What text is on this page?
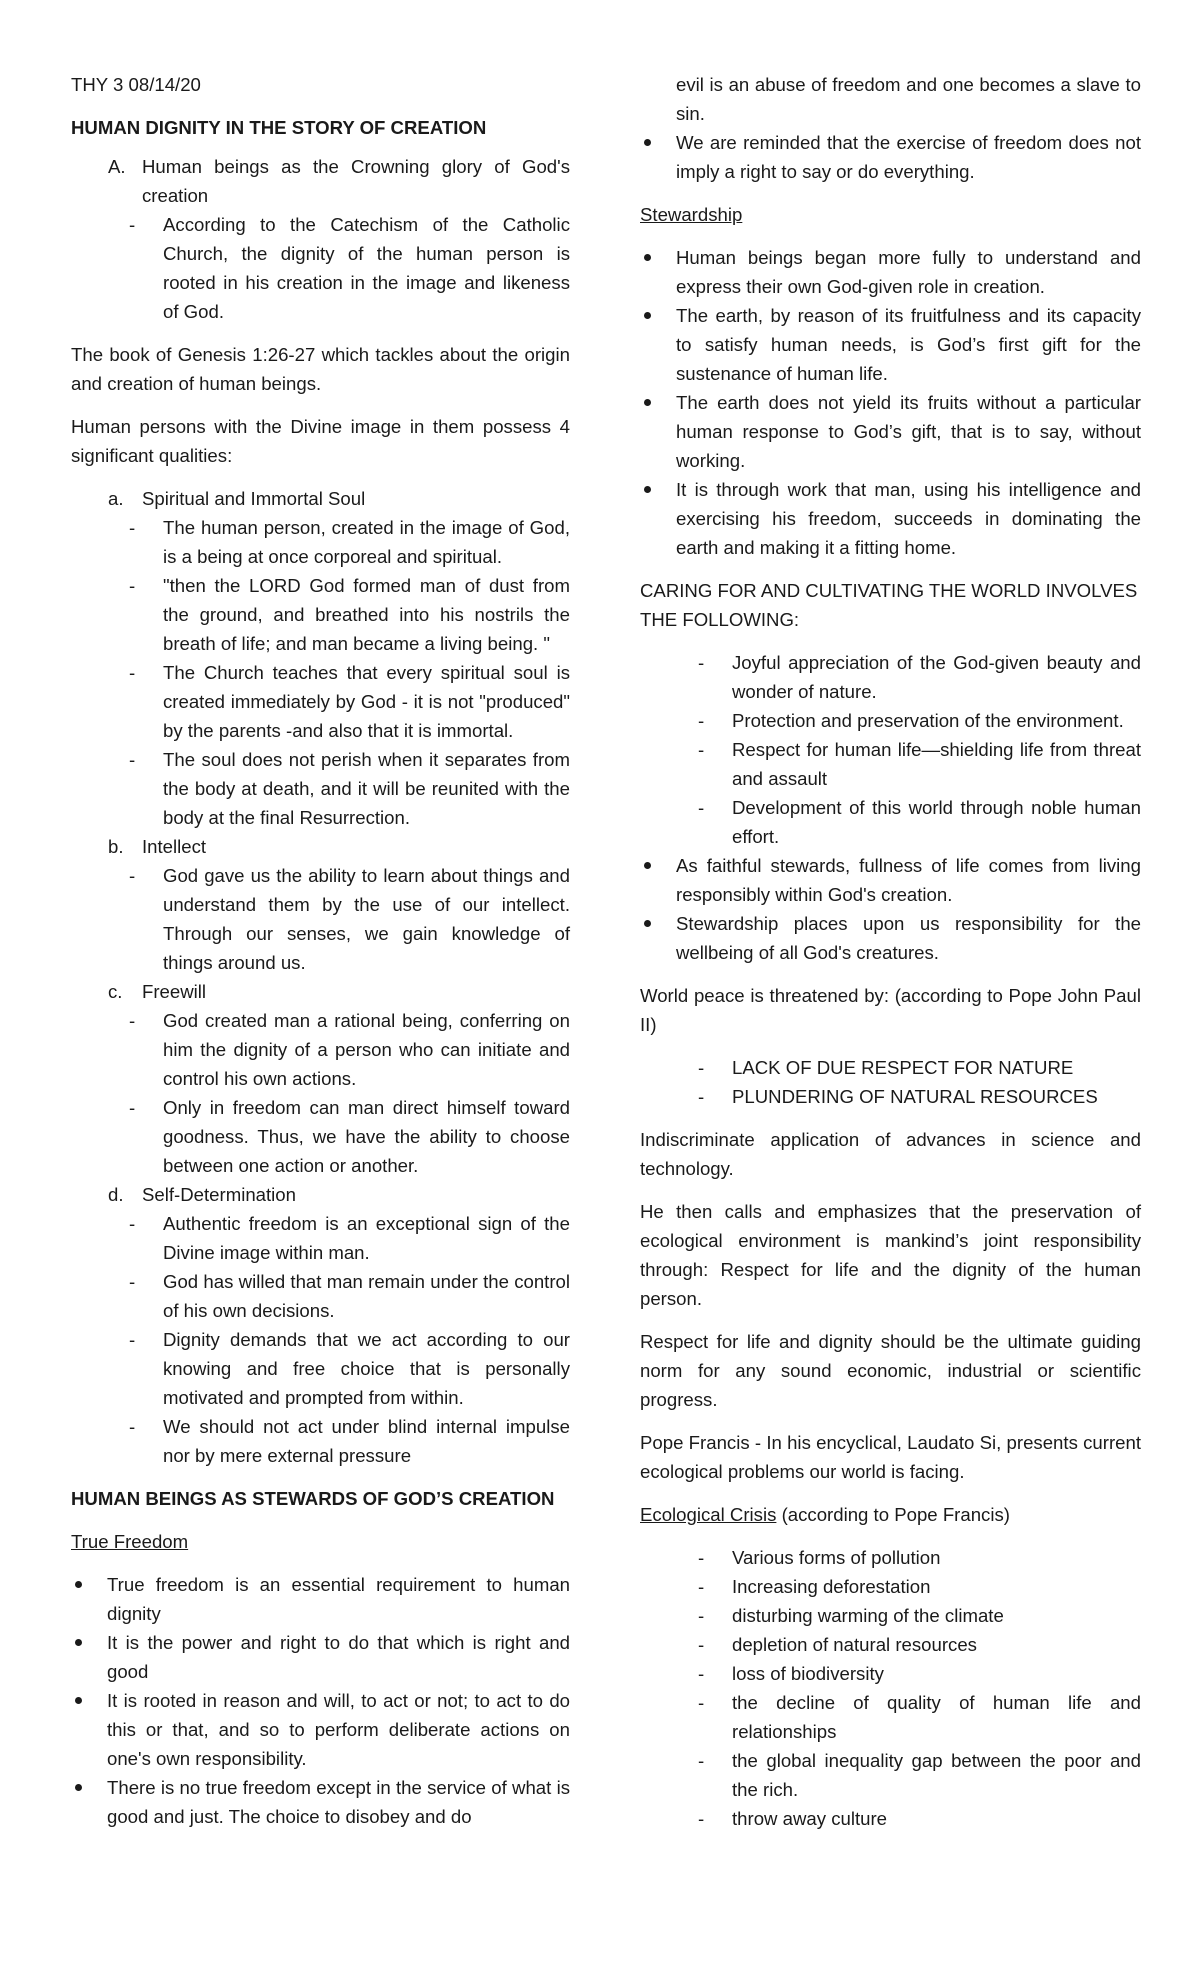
THY 3 08/14/20

HUMAN DIGNITY IN THE STORY OF CREATION

A. Human beings as the Crowning glory of God's creation
- According to the Catechism of the Catholic Church, the dignity of the human person is rooted in his creation in the image and likeness of God.

The book of Genesis 1:26-27 which tackles about the origin and creation of human beings.

Human persons with the Divine image in them possess 4 significant qualities:

a. Spiritual and Immortal Soul
- The human person, created in the image of God, is a being at once corporeal and spiritual.
- "then the LORD God formed man of dust from the ground, and breathed into his nostrils the breath of life; and man became a living being. "
- The Church teaches that every spiritual soul is created immediately by God - it is not "produced" by the parents -and also that it is immortal.
- The soul does not perish when it separates from the body at death, and it will be reunited with the body at the final Resurrection.
b. Intellect
- God gave us the ability to learn about things and understand them by the use of our intellect. Through our senses, we gain knowledge of things around us.
c. Freewill
- God created man a rational being, conferring on him the dignity of a person who can initiate and control his own actions.
- Only in freedom can man direct himself toward goodness. Thus, we have the ability to choose between one action or another.
d. Self-Determination
- Authentic freedom is an exceptional sign of the Divine image within man.
- God has willed that man remain under the control of his own decisions.
- Dignity demands that we act according to our knowing and free choice that is personally motivated and prompted from within.
- We should not act under blind internal impulse nor by mere external pressure

HUMAN BEINGS AS STEWARDS OF GOD’S CREATION

True Freedom

True freedom is an essential requirement to human dignity
It is the power and right to do that which is right and good
It is rooted in reason and will, to act or not; to act to do this or that, and so to perform deliberate actions on one's own responsibility.
There is no true freedom except in the service of what is good and just. The choice to disobey and do
evil is an abuse of freedom and one becomes a slave to sin.
We are reminded that the exercise of freedom does not imply a right to say or do everything.

Stewardship

Human beings began more fully to understand and express their own God-given role in creation.
The earth, by reason of its fruitfulness and its capacity to satisfy human needs, is God’s first gift for the sustenance of human life.
The earth does not yield its fruits without a particular human response to God’s gift, that is to say, without working.
It is through work that man, using his intelligence and exercising his freedom, succeeds in dominating the earth and making it a fitting home.

CARING FOR AND CULTIVATING THE WORLD INVOLVES THE FOLLOWING:

- Joyful appreciation of the God-given beauty and wonder of nature.
- Protection and preservation of the environment.
- Respect for human life—shielding life from threat and assault
- Development of this world through noble human effort.
As faithful stewards, fullness of life comes from living responsibly within God's creation.
Stewardship places upon us responsibility for the wellbeing of all God's creatures.

World peace is threatened by: (according to Pope John Paul II)

- LACK OF DUE RESPECT FOR NATURE
- PLUNDERING OF NATURAL RESOURCES

Indiscriminate application of advances in science and technology.

He then calls and emphasizes that the preservation of ecological environment is mankind’s joint responsibility through: Respect for life and the dignity of the human person.

Respect for life and dignity should be the ultimate guiding norm for any sound economic, industrial or scientific progress.

Pope Francis - In his encyclical, Laudato Si, presents current ecological problems our world is facing.

Ecological Crisis (according to Pope Francis)

- Various forms of pollution
- Increasing deforestation
- disturbing warming of the climate
- depletion of natural resources
- loss of biodiversity
- the decline of quality of human life and relationships
- the global inequality gap between the poor and the rich.
- throw away culture
